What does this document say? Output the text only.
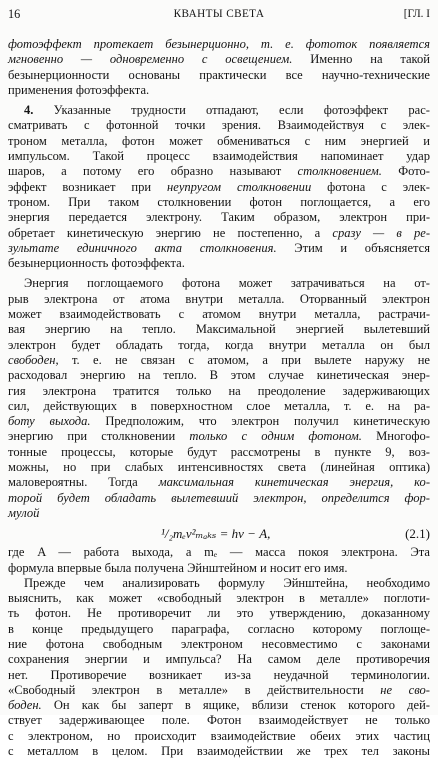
16	КВАНТЫ СВЕТА	[ГЛ. I
фотоэффект протекает безынерционно, т. е. фототок появляется
мгновенно — одновременно с освещением. Именно на такой
безынерционности основаны практически все научно-технические
применения фотоэффекта.
4. Указанные трудности отпадают, если фотоэффект рас-
сматривать с фотонной точки зрения. Взаимодействуя с элек-
троном металла, фотон может обмениваться с ним энергией и
импульсом. Такой процесс взаимодействия напоминает удар
шаров, а потому его образно называют столкновением. Фото-
эффект возникает при неупругом столкновении фотона с элек-
троном. При таком столкновении фотон поглощается, а его
энергия передается электрону. Таким образом, электрон при-
обретает кинетическую энергию не постепенно, а сразу — в ре-
зультате единичного акта столкновения. Этим и объясняется
безынерционность фотоэффекта.
Энергия поглощаемого фотона может затрачиваться на от-
рыв электрона от атома внутри металла. Оторванный электрон
может взаимодействовать с атомом внутри металла, растрачи-
вая энергию на тепло. Максимальной энергией вылетевший
электрон будет обладать тогда, когда внутри металла он был
свободен, т. е. не связан с атомом, а при вылете наружу не
расходовал энергию на тепло. В этом случае кинетическая энер-
гия электрона тратится только на преодоление задерживающих
сил, действующих в поверхностном слое металла, т. е. на ра-
боту выхода. Предположим, что электрон получил кинетическую
энергию при столкновении только с одним фотоном. Многофо-
тонные процессы, которые будут рассмотрены в пункте 9, воз-
можны, но при слабых интенсивностях света (линейная оптика)
маловероятны. Тогда максимальная кинетическая энергия, ко-
торой будет обладать вылетевший электрон, определится фор-
мулой
¹/₂mₑv²ₘₐₖₛ = hν − A,	(2.1)
где A — работа выхода, a mₑ — масса покоя электрона. Эта
формула впервые была получена Эйнштейном и носит его имя.
Прежде чем анализировать формулу Эйнштейна, необходимо
выяснить, как может «свободный электрон в металле» поглоти-
ть фотон. Не противоречит ли это утверждению, доказанному
в конце предыдущего параграфа, согласно которому поглоще-
ние фотона свободным электроном несовместимо с законами
сохранения энергии и импульса? На самом деле противоречия
нет. Противоречие возникает из-за неудачной терминологии.
«Свободный электрон в металле» в действительности не сво-
боден. Он как бы заперт в ящике, вблизи стенок которого дей-
ствует задерживающее поле. Фотон взаимодействует не только
с электроном, но происходит взаимодействие обеих этих частиц
с металлом в целом. При взаимодействии же трех тел законы
